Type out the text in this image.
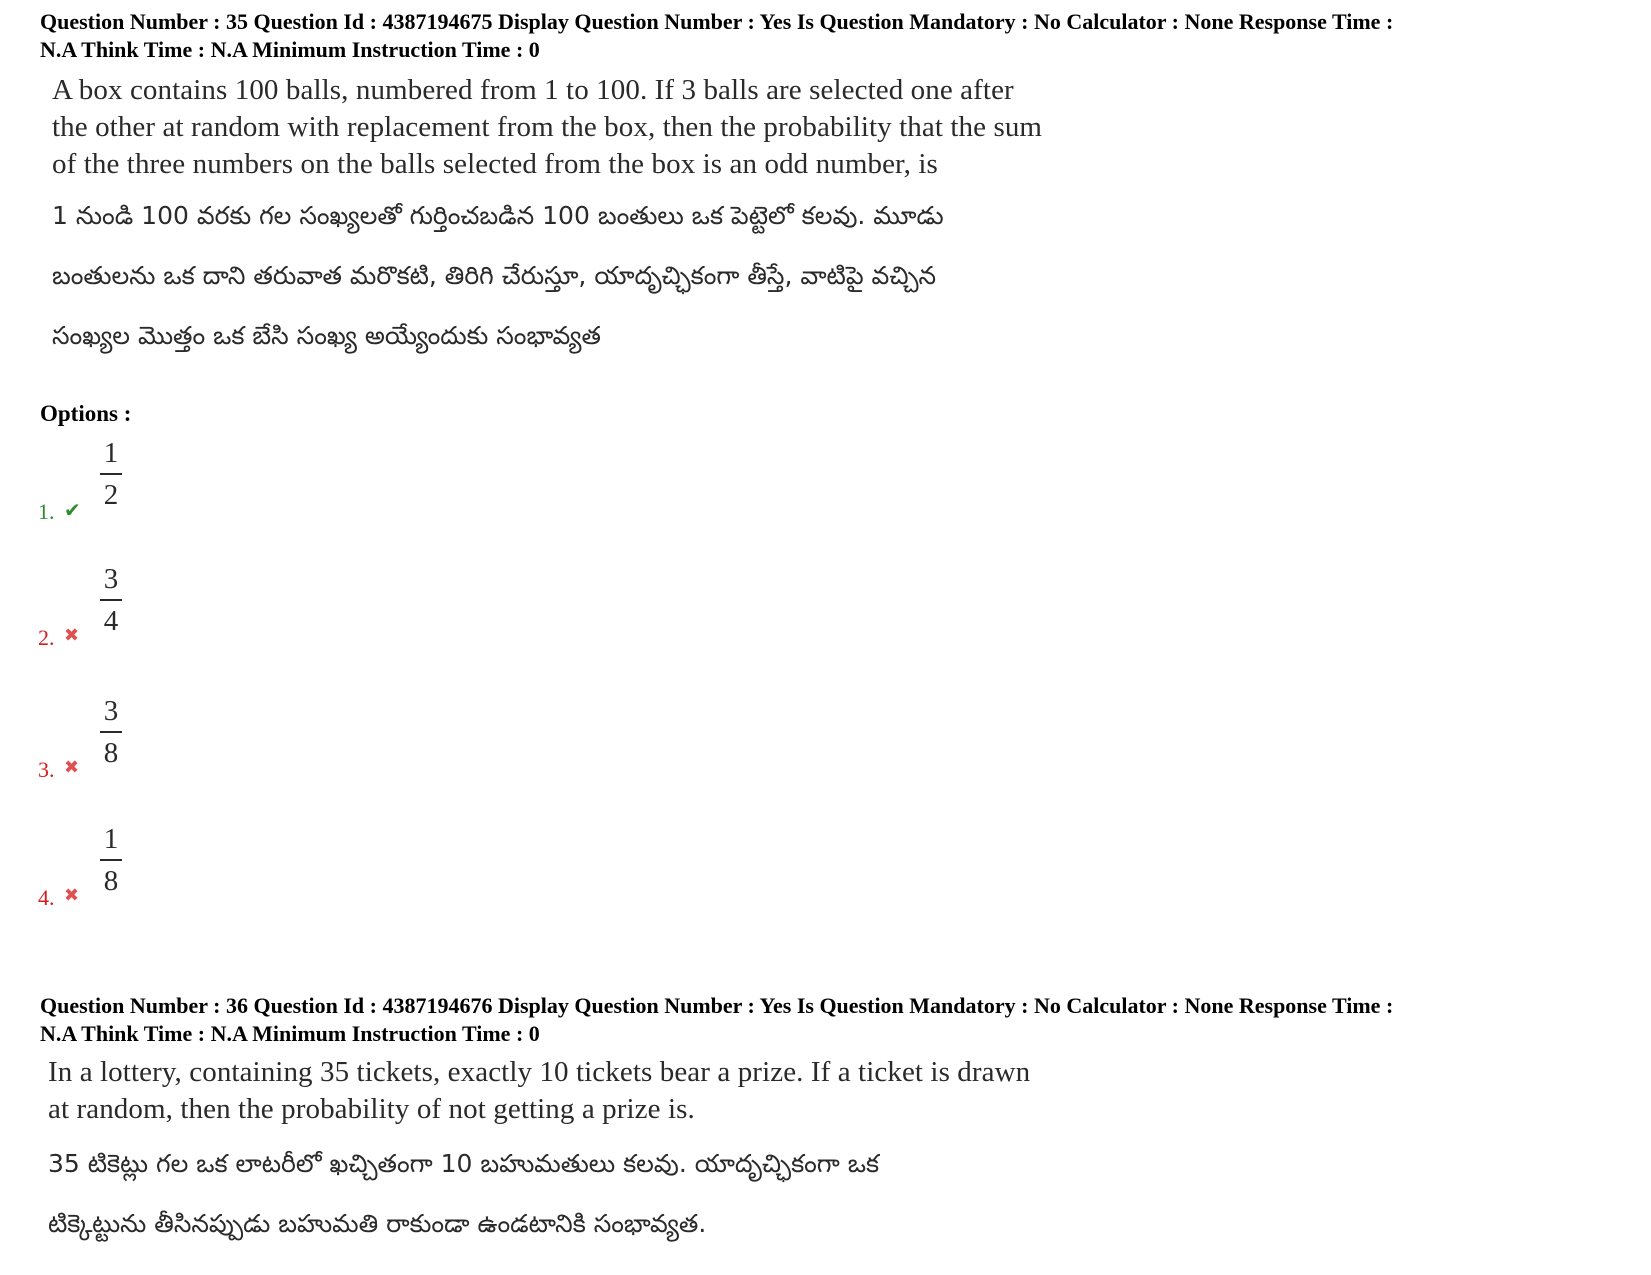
Question Number : 35 Question Id : 4387194675 Display Question Number : Yes Is Question Mandatory : No Calculator : None Response Time :
N.A Think Time : N.A Minimum Instruction Time : 0
A box contains 100 balls, numbered from 1 to 100. If 3 balls are selected one after
the other at random with replacement from the box, then the probability that the sum
of the three numbers on the balls selected from the box is an odd number, is
1 నుండి 100 వరకు గల సంఖ్యలతో గుర్తించబడిన 100 బంతులు ఒక పెట్టెలో కలవు. మూడు
బంతులను ఒక దాని తరువాత మరొకటి, తిరిగి చేరుస్తూ, యాదృచ్ఛికంగా తీస్తే, వాటిపై వచ్చిన
సంఖ్యల మొత్తం ఒక బేసి సంఖ్య అయ్యేందుకు సంభావ్యత
Options :
1. ✔
1
2
2. ✖
3
4
3. ✖
3
8
4. ✖
1
8
Question Number : 36 Question Id : 4387194676 Display Question Number : Yes Is Question Mandatory : No Calculator : None Response Time :
N.A Think Time : N.A Minimum Instruction Time : 0
In a lottery, containing 35 tickets, exactly 10 tickets bear a prize. If a ticket is drawn
at random, then the probability of not getting a prize is.
35 టికెట్లు గల ఒక లాటరీలో ఖచ్చితంగా 10 బహుమతులు కలవు. యాదృచ్ఛికంగా ఒక
టిక్కెట్టును తీసినప్పుడు బహుమతి రాకుండా ఉండటానికి సంభావ్యత.
